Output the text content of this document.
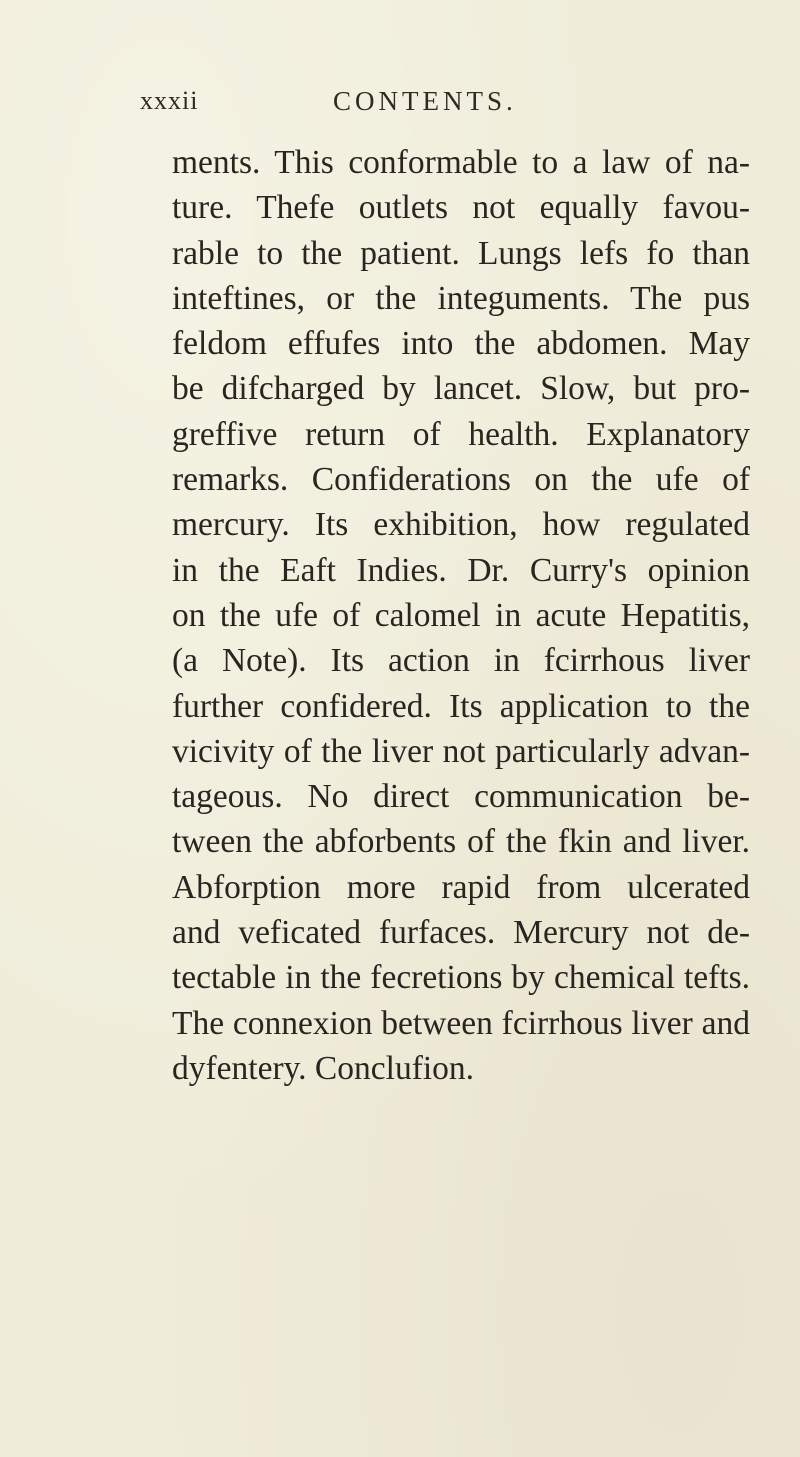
xxxii	CONTENTS.
ments. This conformable to a law of na-
ture. Thefe outlets not equally favou-
rable to the patient. Lungs lefs fo than
inteftines, or the integuments. The pus
feldom effufes into the abdomen. May
be difcharged by lancet. Slow, but pro-
greffive return of health. Explanatory
remarks. Confiderations on the ufe of
mercury. Its exhibition, how regulated
in the Eaft Indies. Dr. Curry's opinion
on the ufe of calomel in acute Hepatitis,
(a Note). Its action in fcirrhous liver
further confidered. Its application to the
vicivity of the liver not particularly advan-
tageous. No direct communication be-
tween the abforbents of the fkin and liver.
Abforption more rapid from ulcerated
and veficated furfaces. Mercury not de-
tectable in the fecretions by chemical tefts.
The connexion between fcirrhous liver and
dyfentery. Conclufion.
